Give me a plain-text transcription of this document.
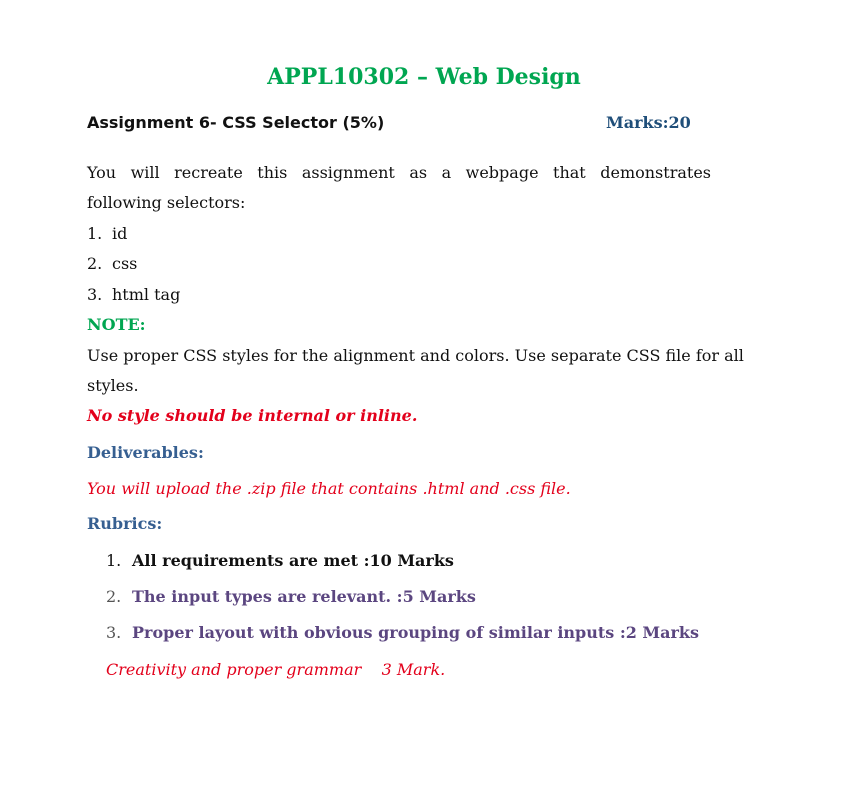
APPL10302 – Web Design

Assignment 6- CSS Selector (5%)	Marks:20

You will recreate this assignment as a webpage that demonstrates
following selectors:

1. id

2. css

3. html tag

NOTE:

Use proper CSS styles for the alignment and colors. Use separate CSS file for all styles.

No style should be internal or inline.

Deliverables:

You will upload the .zip file that contains .html and .css file.

Rubrics:

1. All requirements are met :10 Marks

2. The input types are relevant. :5 Marks

3. Proper layout with obvious grouping of similar inputs :2 Marks

Creativity and proper grammar    3 Mark.
